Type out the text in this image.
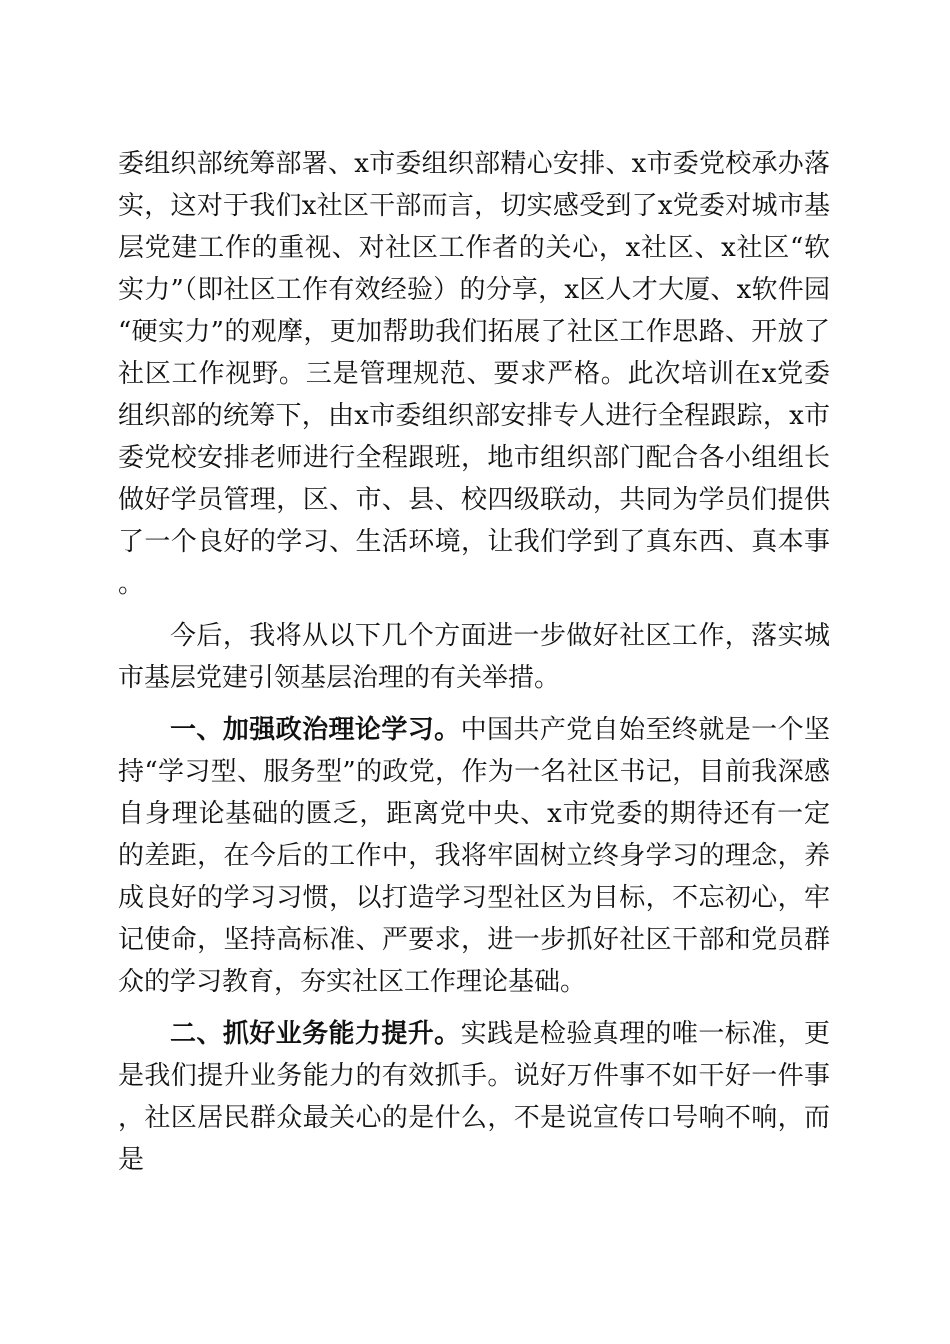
委组织部统筹部署、x市委组织部精心安排、x市委党校承办落实，这对于我们x社区干部而言，切实感受到了x党委对城市基层党建工作的重视、对社区工作者的关心，x社区、x社区“软实力”（即社区工作有效经验）的分享，x区人才大厦、x软件园“硬实力”的观摩，更加帮助我们拓展了社区工作思路、开放了社区工作视野。三是管理规范、要求严格。此次培训在x党委组织部的统筹下，由x市委组织部安排专人进行全程跟踪，x市委党校安排老师进行全程跟班，地市组织部门配合各小组组长做好学员管理，区、市、县、校四级联动，共同为学员们提供了一个良好的学习、生活环境，让我们学到了真东西、真本事。

今后，我将从以下几个方面进一步做好社区工作，落实城市基层党建引领基层治理的有关举措。

一、加强政治理论学习。中国共产党自始至终就是一个坚持“学习型、服务型”的政党，作为一名社区书记，目前我深感自身理论基础的匮乏，距离党中央、x市党委的期待还有一定的差距，在今后的工作中，我将牢固树立终身学习的理念，养成良好的学习习惯，以打造学习型社区为目标，不忘初心，牢记使命，坚持高标准、严要求，进一步抓好社区干部和党员群众的学习教育，夯实社区工作理论基础。

二、抓好业务能力提升。实践是检验真理的唯一标准，更是我们提升业务能力的有效抓手。说好万件事不如干好一件事，社区居民群众最关心的是什么，不是说宣传口号响不响，而是
